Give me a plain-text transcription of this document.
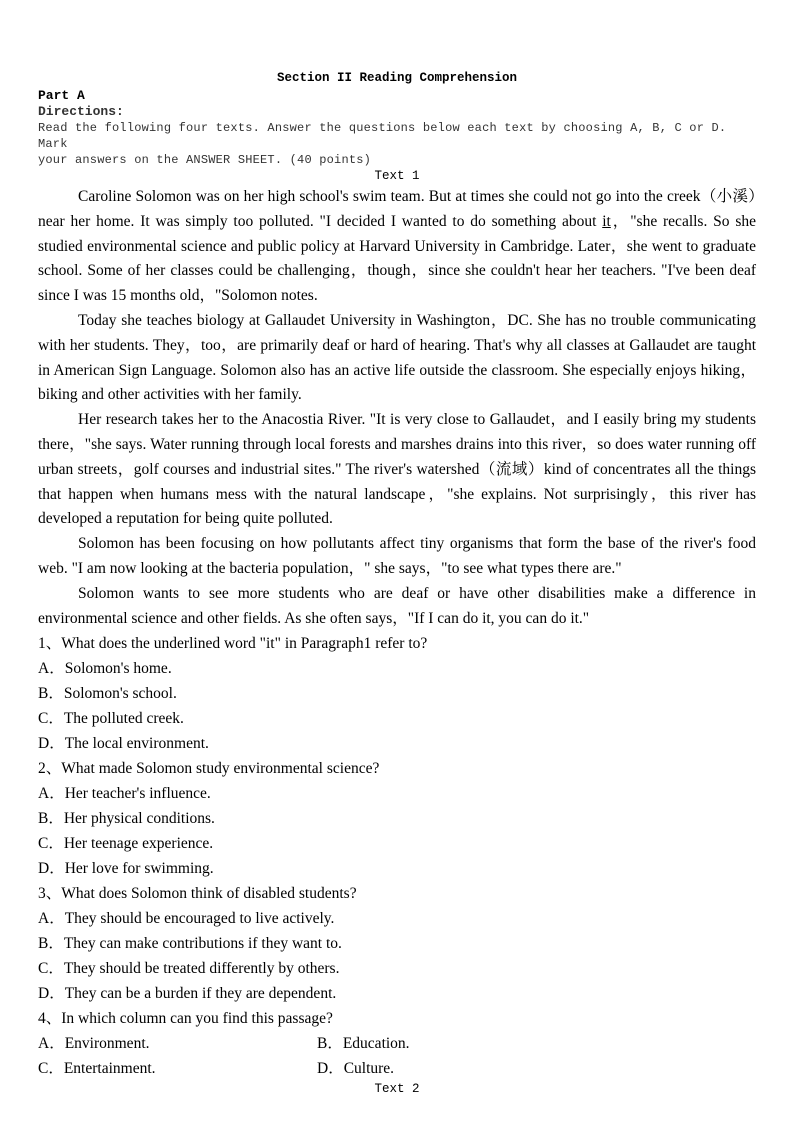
Section II Reading Comprehension
Part A
Directions:
Read the following four texts. Answer the questions below each text by choosing A, B, C or D. Mark
your answers on the ANSWER SHEET. (40 points)
Text 1

Caroline Solomon was on her high school's swim team. But at times she could not go into the creek（小溪）near her home. It was simply too polluted. "I decided I wanted to do something about it，"she recalls. So she studied environmental science and public policy at Harvard University in Cambridge. Later，she went to graduate school. Some of her classes could be challenging，though，since she couldn't hear her teachers. "I've been deaf since I was 15 months old，"Solomon notes.

Today she teaches biology at Gallaudet University in Washington，DC. She has no trouble communicating with her students. They，too，are primarily deaf or hard of hearing. That's why all classes at Gallaudet are taught in American Sign Language. Solomon also has an active life outside the classroom. She especially enjoys hiking，biking and other activities with her family.

Her research takes her to the Anacostia River. "It is very close to Gallaudet，and I easily bring my students there，"she says. Water running through local forests and marshes drains into this river，so does water running off urban streets，golf courses and industrial sites." The river's watershed（流域）kind of concentrates all the things that happen when humans mess with the natural landscape，"she explains. Not surprisingly，this river has developed a reputation for being quite polluted.

Solomon has been focusing on how pollutants affect tiny organisms that form the base of the river's food web. "I am now looking at the bacteria population，" she says，"to see what types there are."

Solomon wants to see more students who are deaf or have other disabilities make a difference in environmental science and other fields. As she often says，"If I can do it, you can do it."

1、What does the underlined word "it" in Paragraph1 refer to?
A．Solomon's home.
B．Solomon's school.
C．The polluted creek.
D．The local environment.
2、What made Solomon study environmental science?
A．Her teacher's influence.
B．Her physical conditions.
C．Her teenage experience.
D．Her love for swimming.
3、What does Solomon think of disabled students?
A．They should be encouraged to live actively.
B．They can make contributions if they want to.
C．They should be treated differently by others.
D．They can be a burden if they are dependent.
4、In which column can you find this passage?
A．Environment.	B．Education.
C．Entertainment.	D．Culture.
Text 2
